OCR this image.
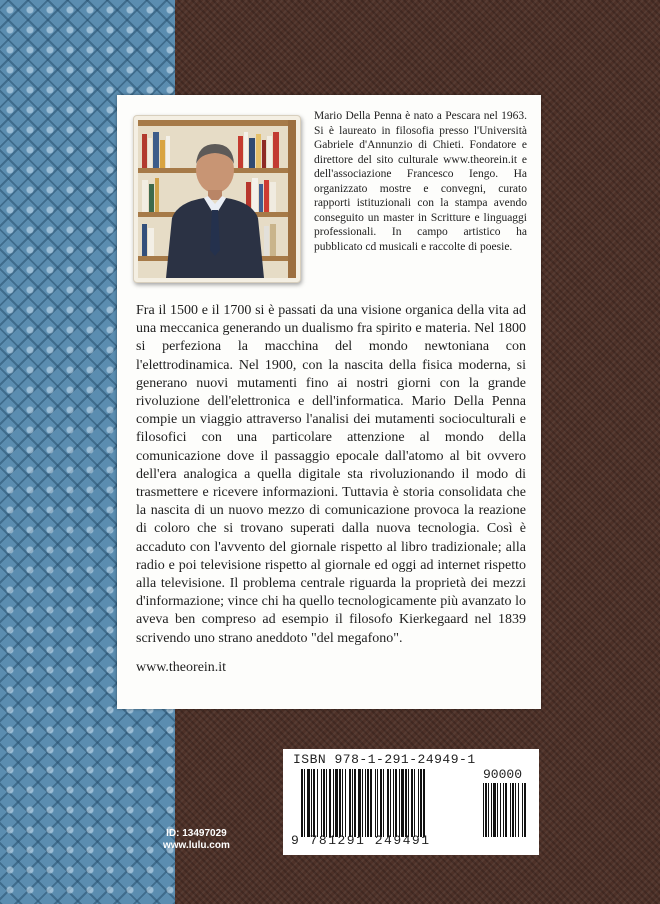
Mario Della Penna è nato a Pescara nel 1963. Si è laureato in filosofia presso l'Università Gabriele d'Annunzio di Chieti. Fondatore e direttore del sito culturale www.theorein.it e dell'associazione Francesco Iengo. Ha organizzato mostre e convegni, curato rapporti istituzionali con la stampa avendo conseguito un master in Scritture e linguaggi professionali. In campo artistico ha pubblicato cd musicali e raccolte di poesie.

Fra il 1500 e il 1700 si è passati da una visione organica della vita ad una meccanica generando un dualismo fra spirito e materia. Nel 1800 si perfeziona la macchina del mondo newtoniana con l'elettrodinamica. Nel 1900, con la nascita della fisica moderna, si generano nuovi mutamenti fino ai nostri giorni con la grande rivoluzione dell'elettronica e dell'informatica. Mario Della Penna compie un viaggio attraverso l'analisi dei mutamenti socioculturali e filosofici con una particolare attenzione al mondo della comunicazione dove il passaggio epocale dall'atomo al bit ovvero dell'era analogica a quella digitale sta rivoluzionando il modo di trasmettere e ricevere informazioni. Tuttavia è storia consolidata che la nascita di un nuovo mezzo di comunicazione provoca la reazione di coloro che si trovano superati dalla nuova tecnologia. Così è accaduto con l'avvento del giornale rispetto al libro tradizionale; alla radio e poi televisione rispetto al giornale ed oggi ad internet rispetto alla televisione. Il problema centrale riguarda la proprietà dei mezzi d'informazione; vince chi ha quello tecnologicamente più avanzato lo aveva ben compreso ad esempio il filosofo Kierkegaard nel 1839 scrivendo uno strano aneddoto "del megafono".

www.theorein.it

ISBN 978-1-291-24949-1
90000
9 781291 249491
ID: 13497029
www.lulu.com
